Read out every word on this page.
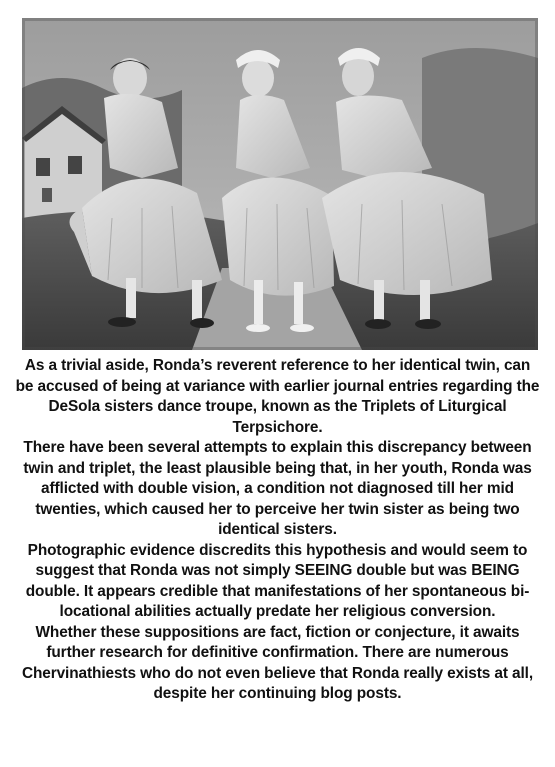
As a trivial aside, Ronda’s reverent reference to her identical twin, can be accused of being at variance with earlier journal entries regarding the DeSola sisters dance troupe, known as the Triplets of Liturgical Terpsichore.

There have been several attempts to explain this discrepancy between twin and triplet, the least plausible being that, in her youth, Ronda was afflicted with double vision, a condition not diagnosed till her mid twenties, which caused her to perceive her twin sister as being two identical sisters.

Photographic evidence discredits this hypothesis and would seem to suggest that Ronda was not simply SEEING double but was BEING double. It appears credible that manifestations of her spontaneous bi-locational abilities actually predate her religious conversion.

Whether these suppositions are fact, fiction or conjecture, it awaits further research for definitive confirmation. There are numerous Chervinathiests who do not even believe that Ronda really exists at all, despite her continuing blog posts.
